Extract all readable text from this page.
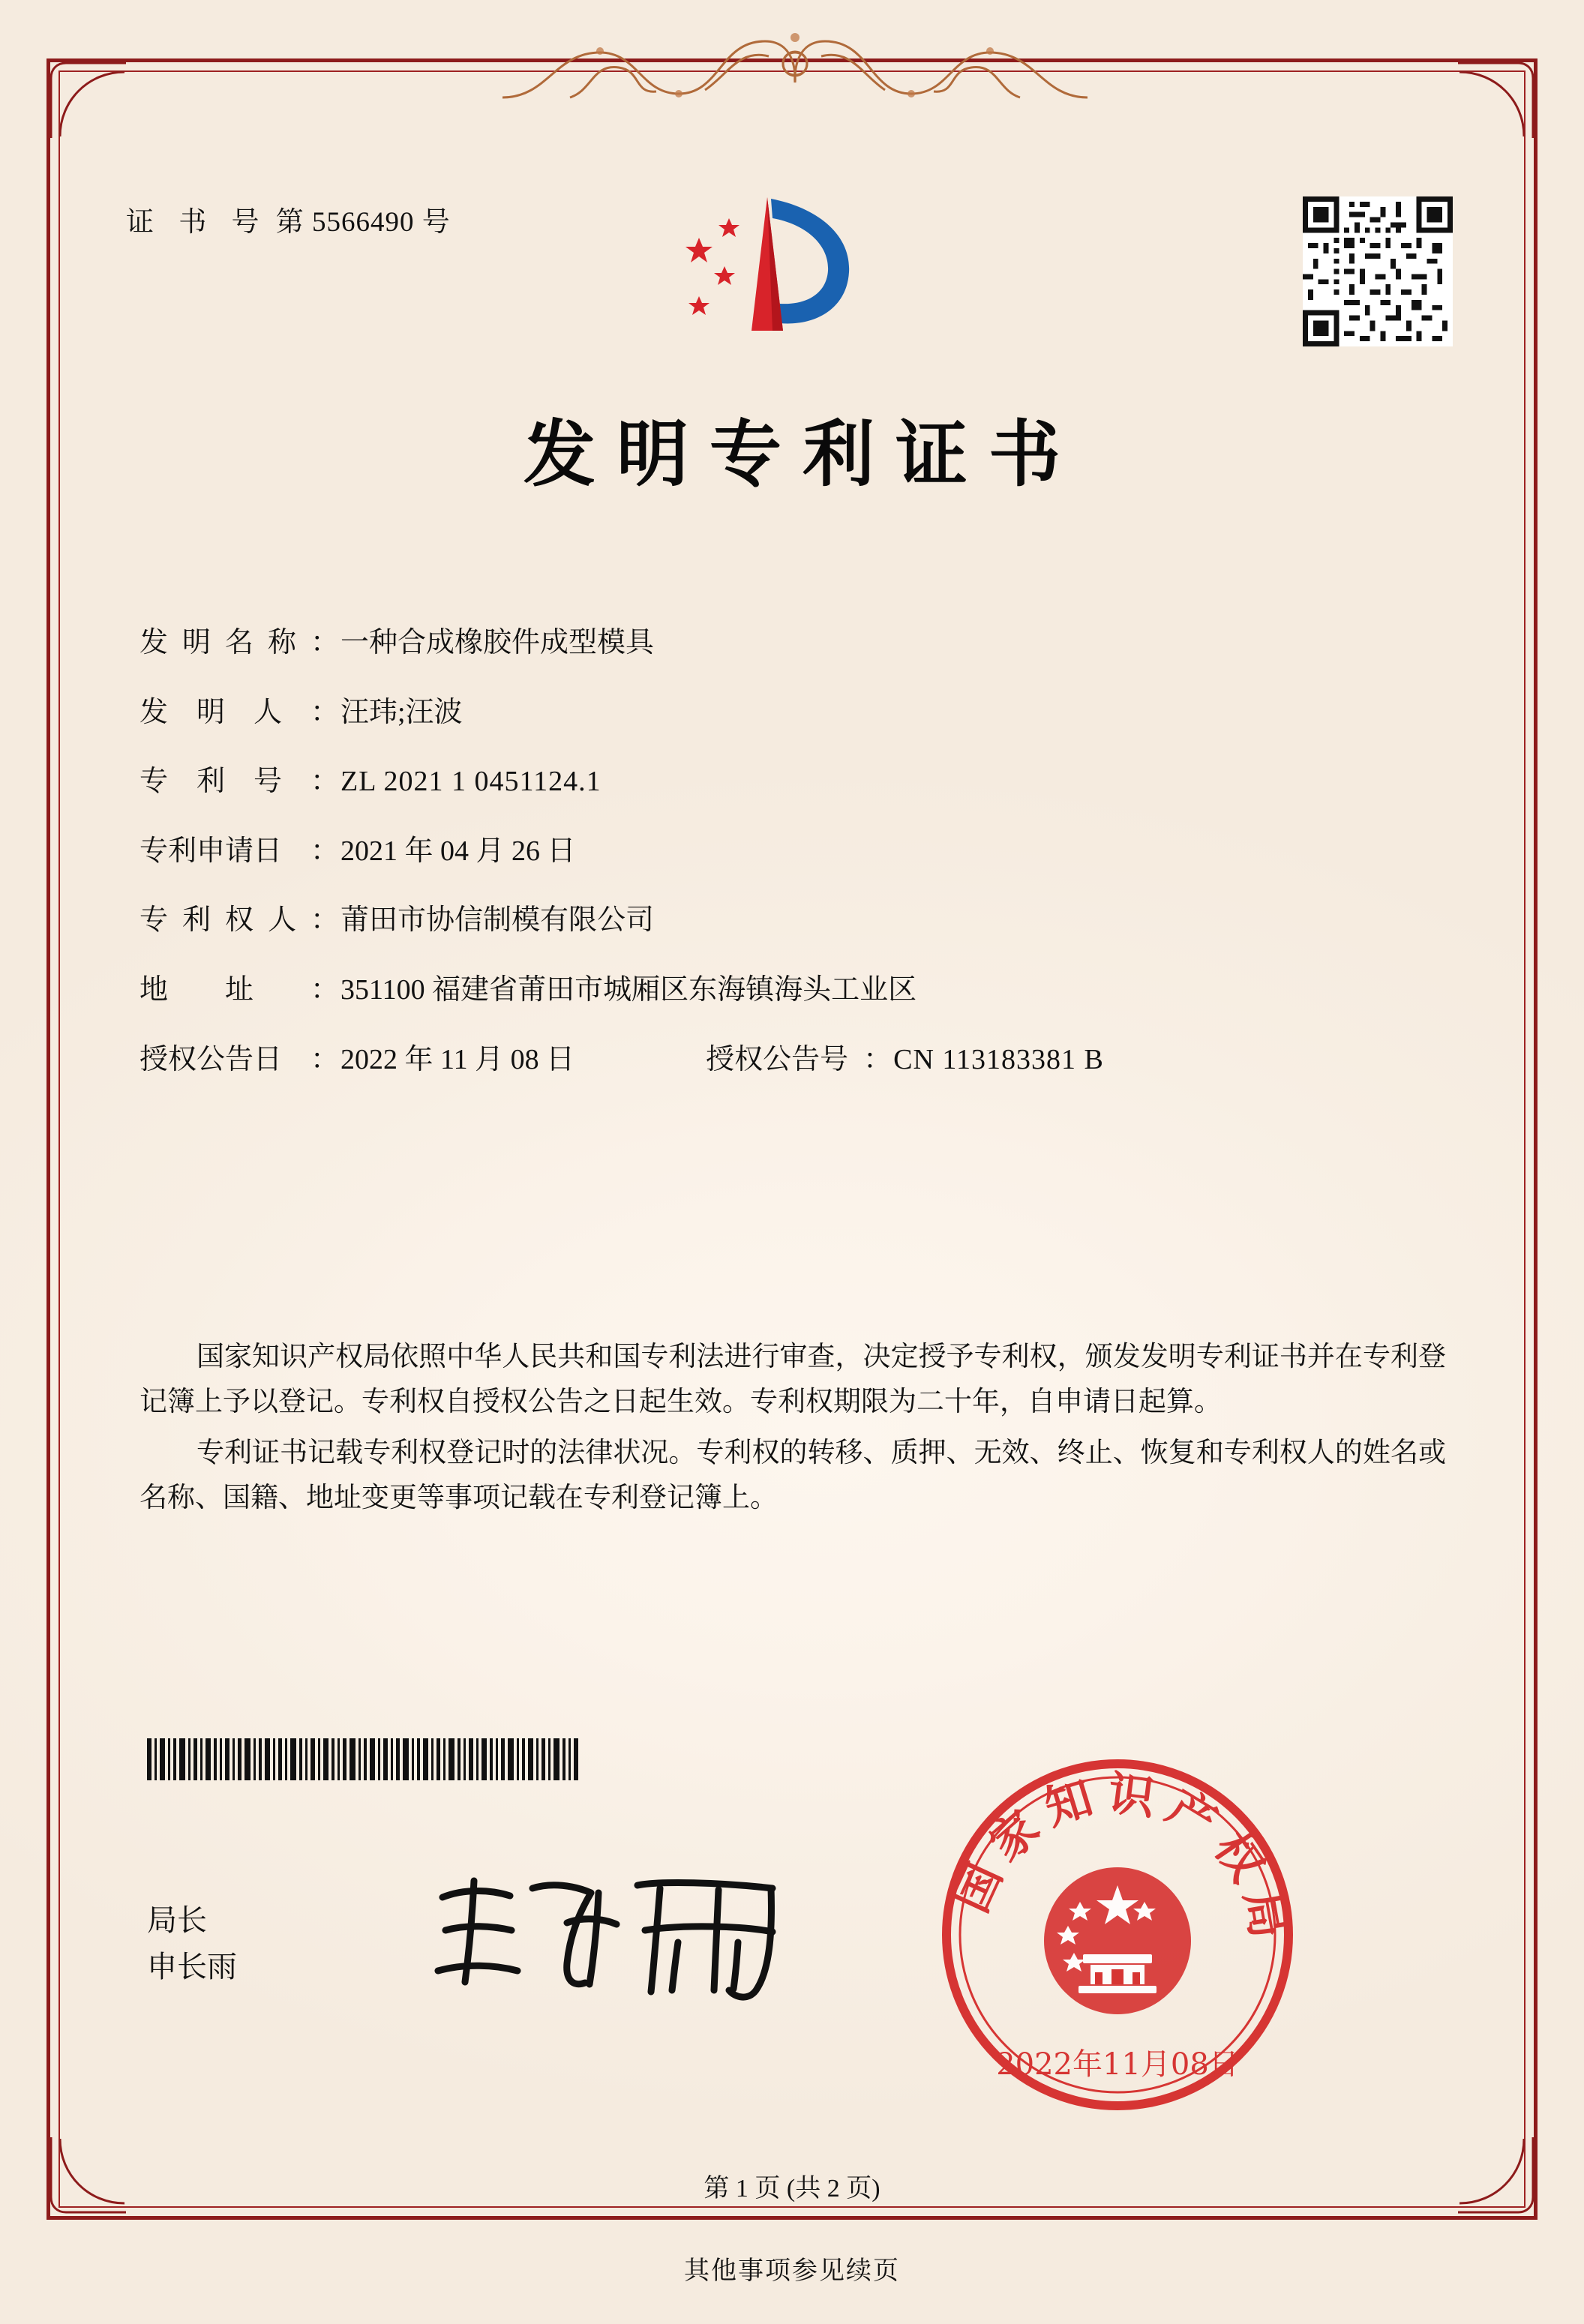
证 书 号 第 5566490 号
发明专利证书
发 明 名 称 ： 一种合成橡胶件成型模具
发 明 人 ： 汪玮;汪波
专 利 号 ： ZL 2021 1 0451124.1
专利申请日 ： 2021 年 04 月 26 日
专 利 权 人 ： 莆田市协信制模有限公司
地 址 ： 351100 福建省莆田市城厢区东海镇海头工业区
授权公告日 ： 2022 年 11 月 08 日	授权公告号 ： CN 113183381 B

国家知识产权局依照中华人民共和国专利法进行审查，决定授予专利权，颁发发明专利证书并在专利登记簿上予以登记。专利权自授权公告之日起生效。专利权期限为二十年，自申请日起算。

专利证书记载专利权登记时的法律状况。专利权的转移、质押、无效、终止、恢复和专利权人的姓名或名称、国籍、地址变更等事项记载在专利登记簿上。

局长
申长雨
国家知识产权局
2022年11月08日
第 1 页 (共 2 页)
其他事项参见续页
